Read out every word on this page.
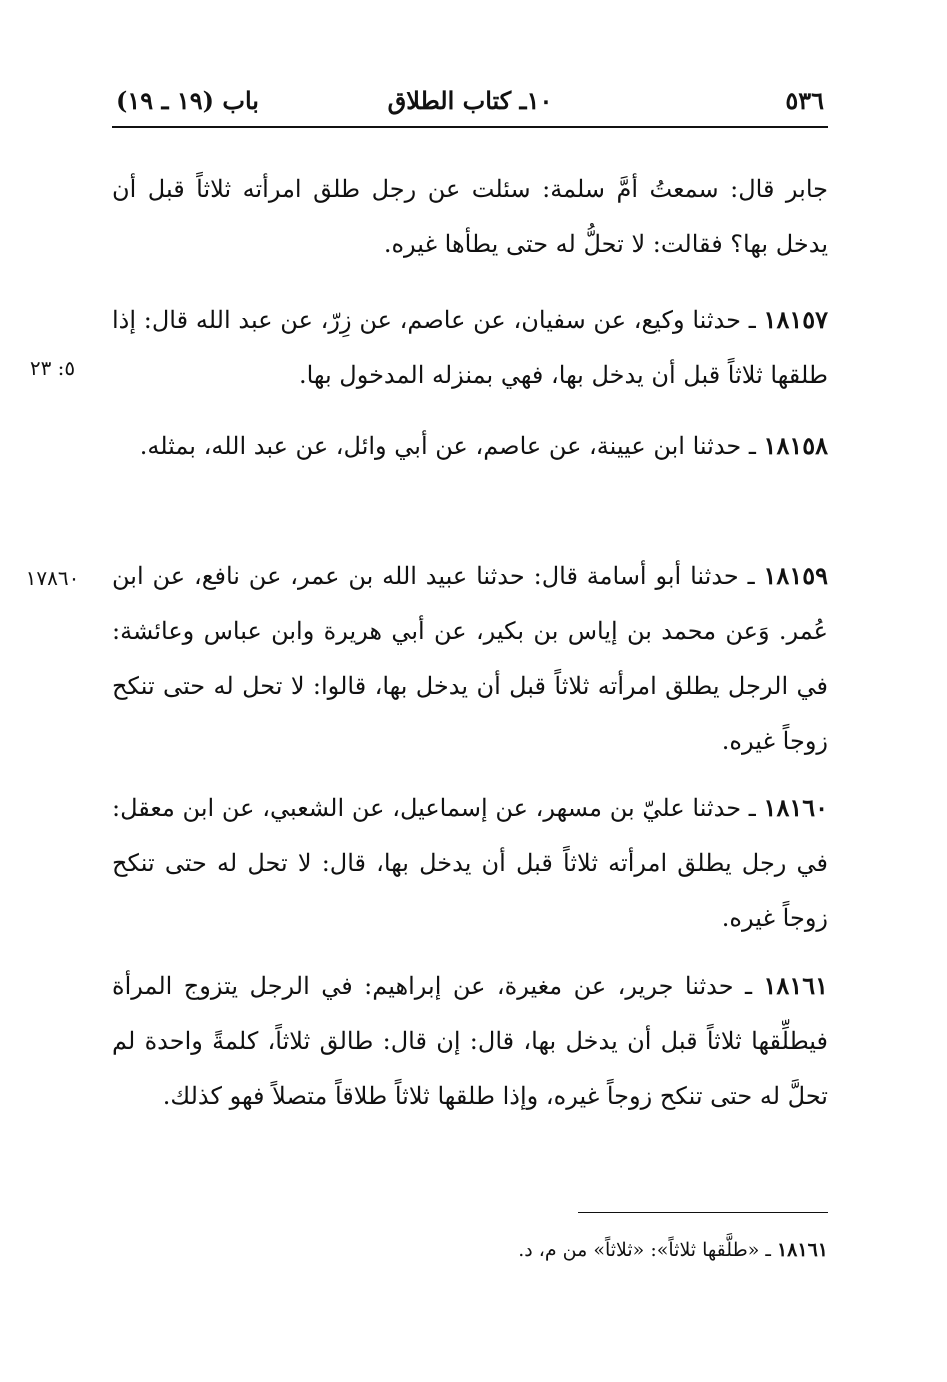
٥٣٦
١٠ـ كتاب الطلاق
باب (١٩ ـ ١٩)
جابر قال: سمعتُ أمَّ سلمة: سئلت عن رجل طلق امرأته ثلاثاً قبل أن يدخل بها؟ فقالت: لا تحلُّ له حتى يطأها غيره.
١٨١٥٧ ـ حدثنا وكيع، عن سفيان، عن عاصم، عن زِرّ، عن عبد الله قال: إذا طلقها ثلاثاً قبل أن يدخل بها، فهي بمنزله المدخول بها.
٥: ٢٣
١٨١٥٨ ـ حدثنا ابن عيينة، عن عاصم، عن أبي وائل، عن عبد الله، بمثله.
١٨١٥٩ ـ حدثنا أبو أسامة قال: حدثنا عبيد الله بن عمر، عن نافع، عن ابن عُمر. وَعن محمد بن إياس بن بكير، عن أبي هريرة وابن عباس وعائشة: في الرجل يطلق امرأته ثلاثاً قبل أن يدخل بها، قالوا: لا تحل له حتى تنكح زوجاً غيره.
١٧٨٦٠
١٨١٦٠ ـ حدثنا عليّ بن مسهر، عن إسماعيل، عن الشعبي، عن ابن معقل: في رجل يطلق امرأته ثلاثاً قبل أن يدخل بها، قال: لا تحل له حتى تنكح زوجاً غيره.
١٨١٦١ ـ حدثنا جرير، عن مغيرة، عن إبراهيم: في الرجل يتزوج المرأة فيطلِّقها ثلاثاً قبل أن يدخل بها، قال: إن قال: طالق ثلاثاً، كلمةً واحدة لم تحلَّ له حتى تنكح زوجاً غيره، وإذا طلقها ثلاثاً طلاقاً متصلاً فهو كذلك.
١٨١٦١ ـ «طلَّقها ثلاثاً»: «ثلاثاً» من م، د.
